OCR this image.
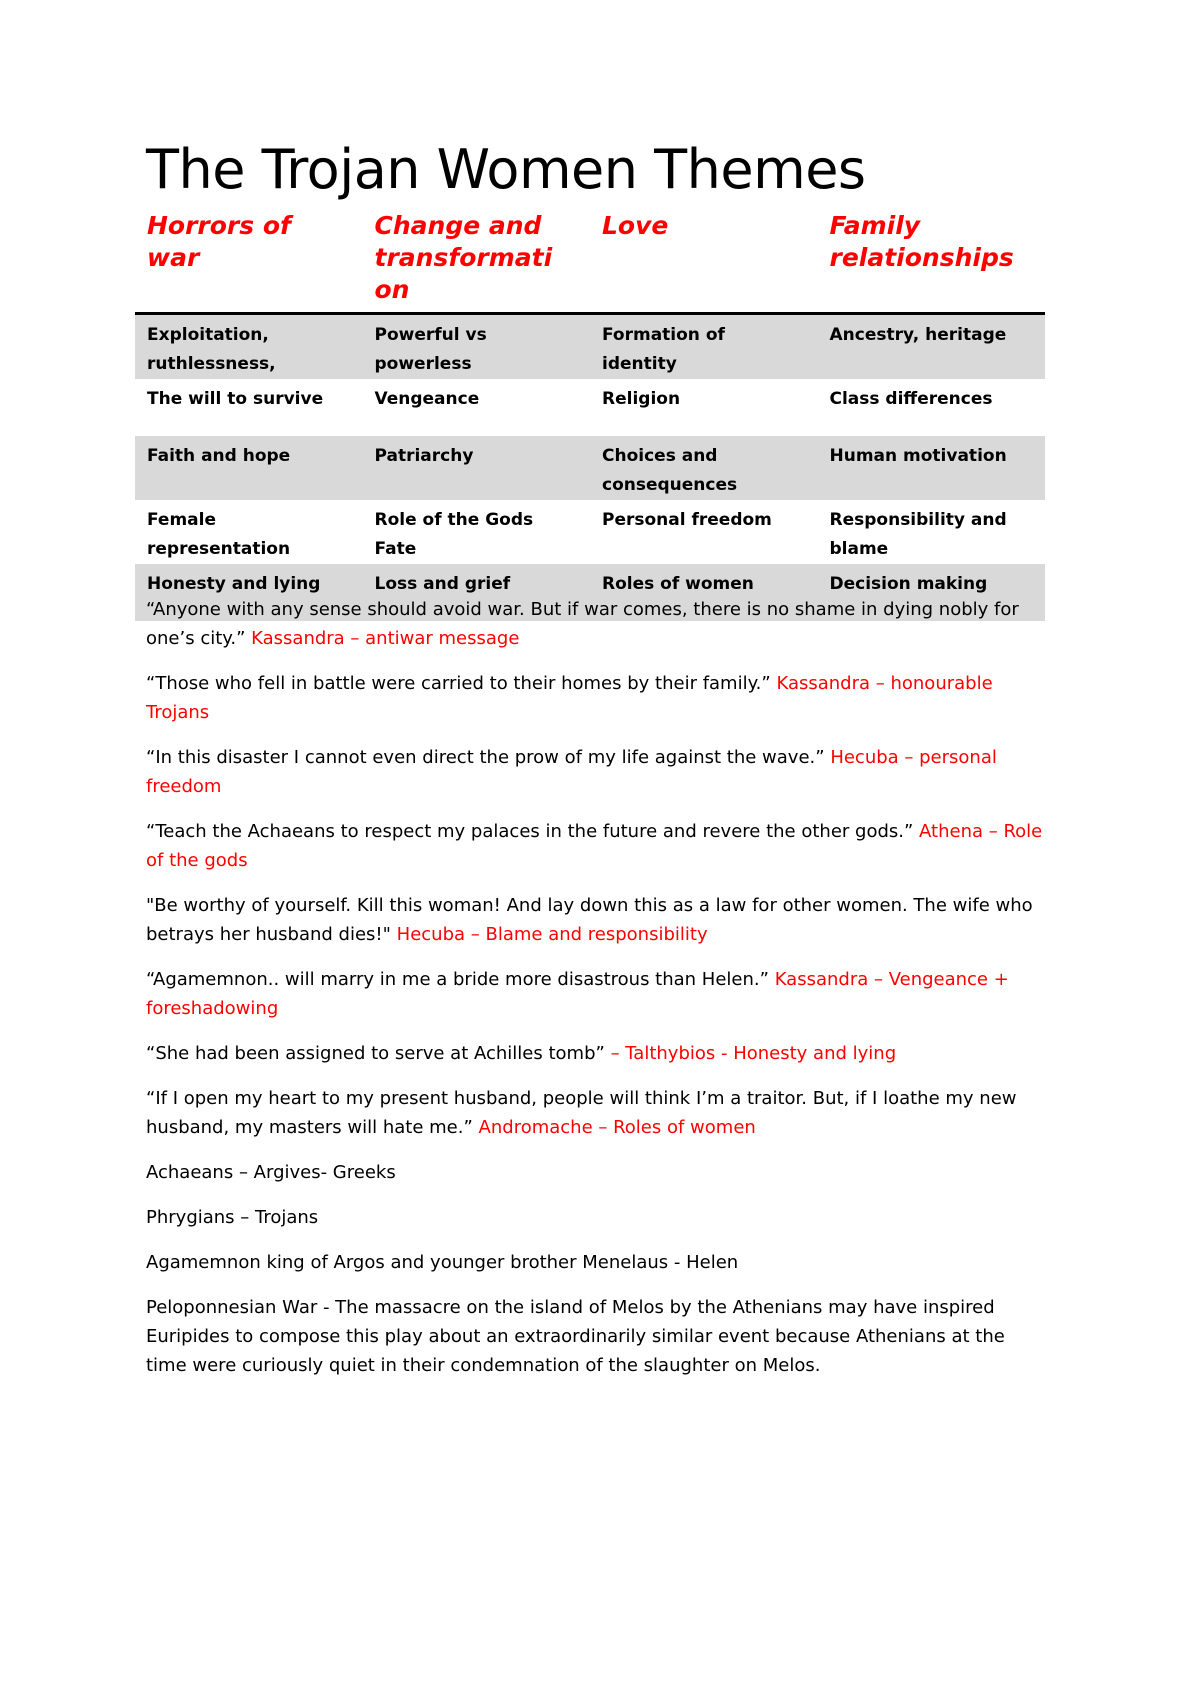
The Trojan Women Themes
Horrors of war	Change and transformati on	Love	Family relationships
Exploitation, ruthlessness,	Powerful vs powerless	Formation of identity	Ancestry, heritage
The will to survive	Vengeance	Religion	Class differences
Faith and hope	Patriarchy	Choices and consequences	Human motivation
Female representation	Role of the Gods Fate	Personal freedom	Responsibility and blame
Honesty and lying	Loss and grief	Roles of women	Decision making

“Anyone with any sense should avoid war. But if war comes, there is no shame in dying nobly for one’s city.” Kassandra – antiwar message

“Those who fell in battle were carried to their homes by their family.” Kassandra – honourable Trojans

“In this disaster I cannot even direct the prow of my life against the wave.” Hecuba – personal freedom

“Teach the Achaeans to respect my palaces in the future and revere the other gods.” Athena – Role of the gods

"Be worthy of yourself. Kill this woman! And lay down this as a law for other women. The wife who betrays her husband dies!" Hecuba – Blame and responsibility

“Agamemnon.. will marry in me a bride more disastrous than Helen.” Kassandra – Vengeance + foreshadowing

“She had been assigned to serve at Achilles tomb” – Talthybios - Honesty and lying

“If I open my heart to my present husband, people will think I’m a traitor. But, if I loathe my new husband, my masters will hate me.” Andromache – Roles of women

Achaeans – Argives- Greeks

Phrygians – Trojans

Agamemnon king of Argos and younger brother Menelaus - Helen

Peloponnesian War - The massacre on the island of Melos by the Athenians may have inspired Euripides to compose this play about an extraordinarily similar event because Athenians at the time were curiously quiet in their condemnation of the slaughter on Melos.
